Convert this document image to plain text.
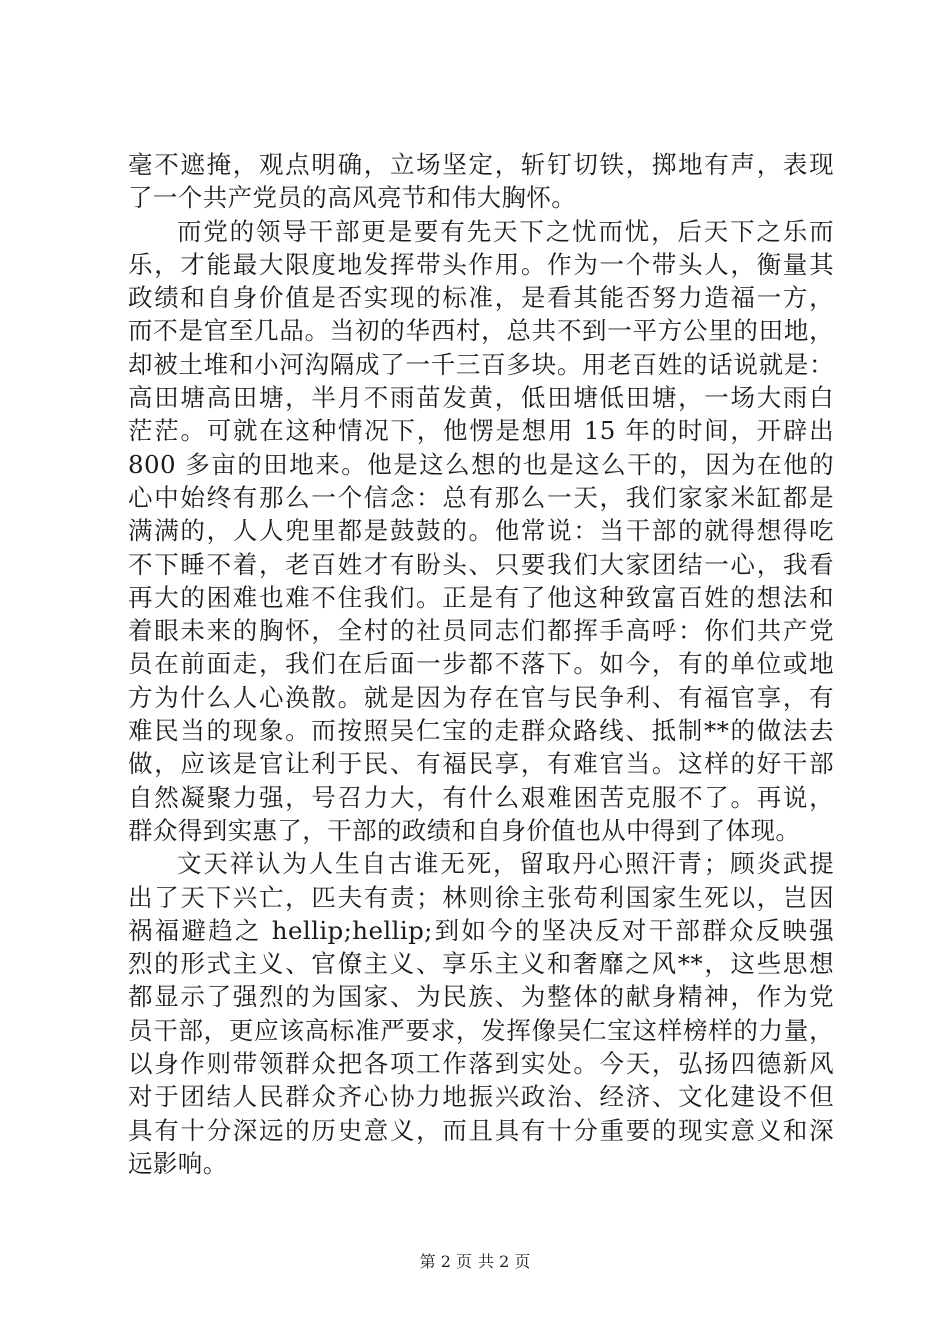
毫不遮掩，观点明确，立场坚定，斩钉切铁，掷地有声，表现
了一个共产党员的高风亮节和伟大胸怀。
而党的领导干部更是要有先天下之忧而忧，后天下之乐而
乐，才能最大限度地发挥带头作用。作为一个带头人，衡量其
政绩和自身价值是否实现的标准，是看其能否努力造福一方，
而不是官至几品。当初的华西村，总共不到一平方公里的田地，
却被土堆和小河沟隔成了一千三百多块。用老百姓的话说就是：
高田塘高田塘，半月不雨苗发黄，低田塘低田塘，一场大雨白
茫茫。可就在这种情况下，他愣是想用 15 年的时间，开辟出
800 多亩的田地来。他是这么想的也是这么干的，因为在他的
心中始终有那么一个信念：总有那么一天，我们家家米缸都是
满满的，人人兜里都是鼓鼓的。他常说：当干部的就得想得吃
不下睡不着，老百姓才有盼头、只要我们大家团结一心，我看
再大的困难也难不住我们。正是有了他这种致富百姓的想法和
着眼未来的胸怀，全村的社员同志们都挥手高呼：你们共产党
员在前面走，我们在后面一步都不落下。如今，有的单位或地
方为什么人心涣散。就是因为存在官与民争利、有福官享，有
难民当的现象。而按照吴仁宝的走群众路线、抵制**的做法去
做，应该是官让利于民、有福民享，有难官当。这样的好干部
自然凝聚力强，号召力大，有什么艰难困苦克服不了。再说，
群众得到实惠了，干部的政绩和自身价值也从中得到了体现。
文天祥认为人生自古谁无死，留取丹心照汗青；顾炎武提
出了天下兴亡，匹夫有责；林则徐主张苟利国家生死以，岂因
祸福避趋之 hellip;hellip;到如今的坚决反对干部群众反映强
烈的形式主义、官僚主义、享乐主义和奢靡之风**，这些思想
都显示了强烈的为国家、为民族、为整体的献身精神，作为党
员干部，更应该高标准严要求，发挥像吴仁宝这样榜样的力量，
以身作则带领群众把各项工作落到实处。今天，弘扬四德新风
对于团结人民群众齐心协力地振兴政治、经济、文化建设不但
具有十分深远的历史意义，而且具有十分重要的现实意义和深
远影响。
第 2 页 共 2 页
